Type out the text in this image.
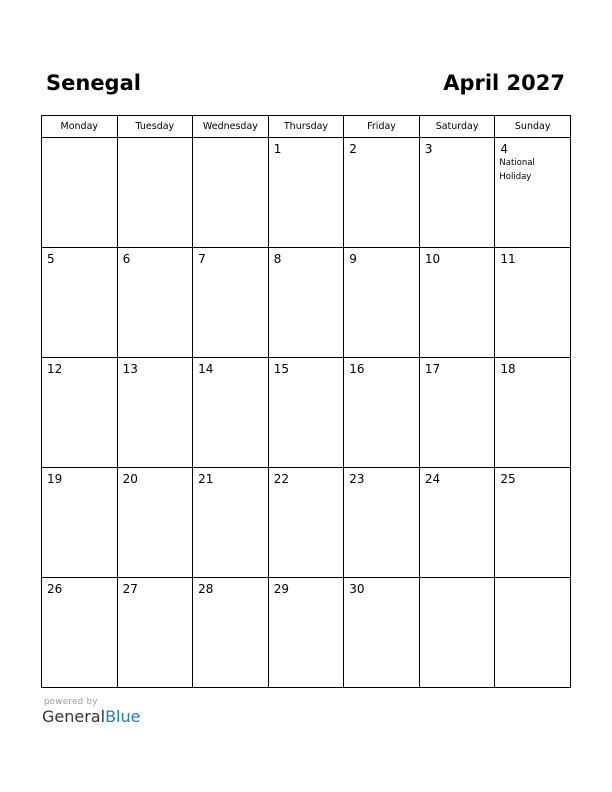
Senegal	April 2027
Monday	Tuesday	Wednesday	Thursday	Friday	Saturday	Sunday

			1	2	3	4
National Holiday

5	6	7	8	9	10	11

12	13	14	15	16	17	18

19	20	21	22	23	24	25

26	27	28	29	30		

powered by
GeneralBlue
